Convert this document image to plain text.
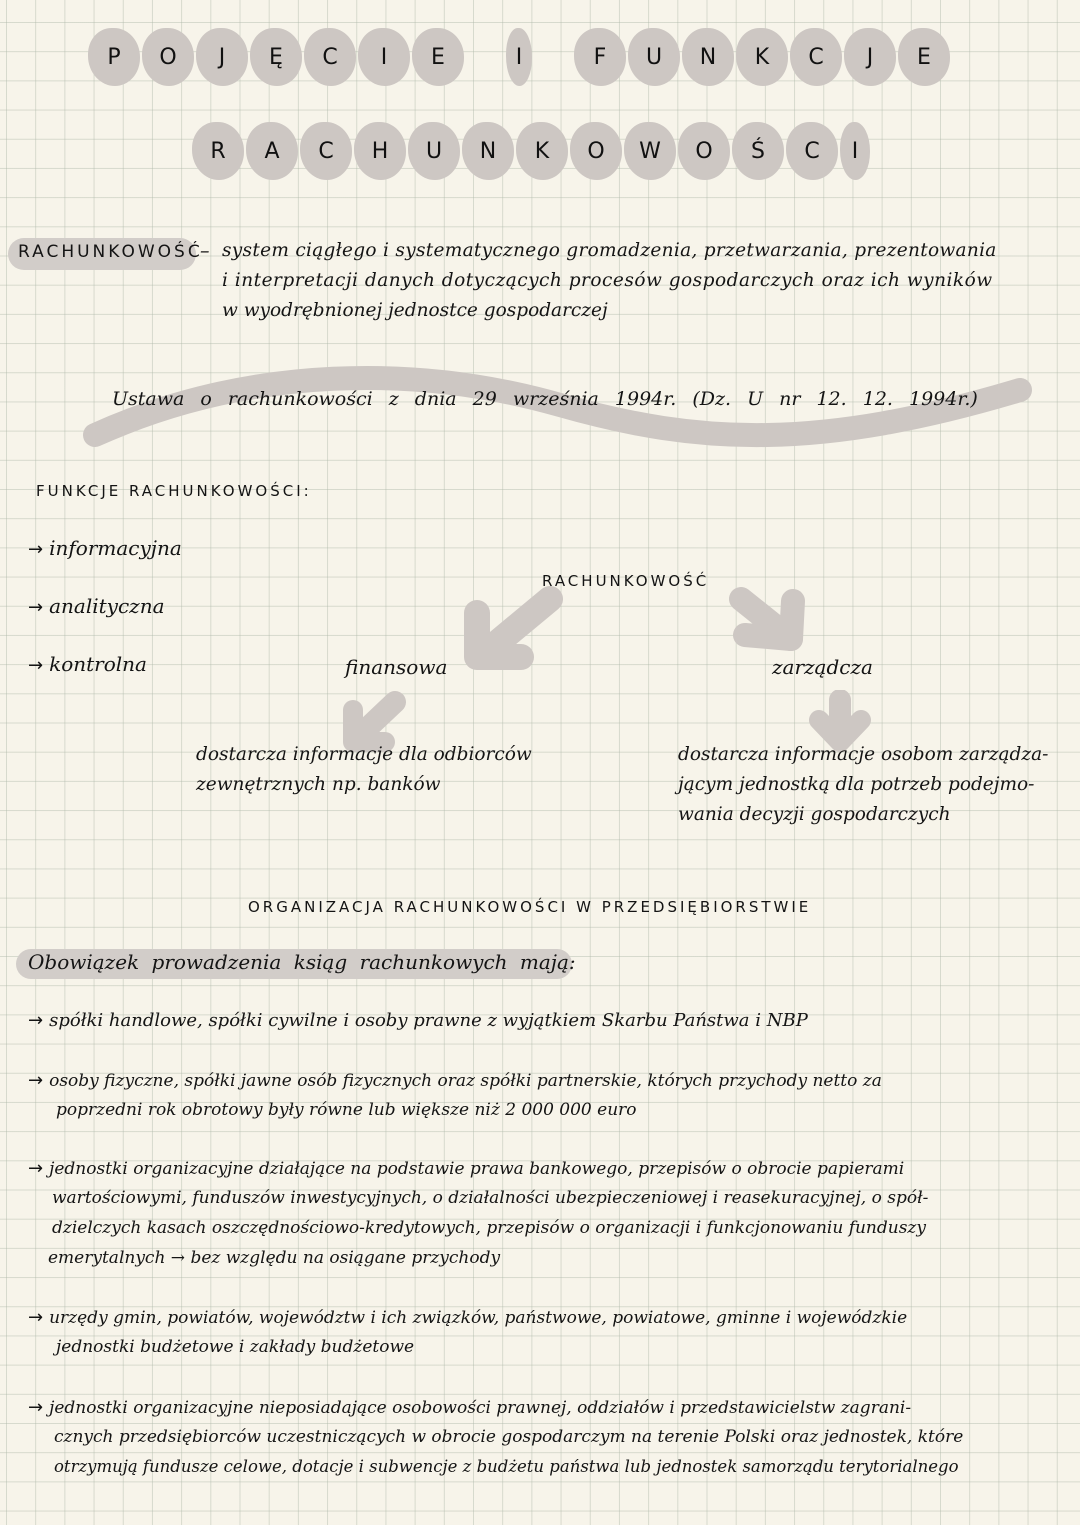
P	O	J	Ę	C	I	E	I	F	U	N	K	C	J	E
R	A	C	H	U	N	K	O	W	O	Ś	C	I
RACHUNKOWOŚĆ
– system ciągłego i systematycznego gromadzenia, przetwarzania, prezentowania
i interpretacji danych dotyczących procesów gospodarczych oraz ich wyników
w wyodrębnionej jednostce gospodarczej
Ustawa o rachunkowości z dnia 29 września 1994r. (Dz. U nr 12. 12. 1994r.)
FUNKCJE RACHUNKOWOŚCI:
→ informacyjna
→ analityczna
→ kontrolna
RACHUNKOWOŚĆ
finansowa	zarządcza
dostarcza informacje dla odbiorców
zewnętrznych np. banków
dostarcza informacje osobom zarządza-
jącym jednostką dla potrzeb podejmo-
wania decyzji gospodarczych
ORGANIZACJA RACHUNKOWOŚCI W PRZEDSIĘBIORSTWIE
Obowiązek prowadzenia ksiąg rachunkowych mają:
→ spółki handlowe, spółki cywilne i osoby prawne z wyjątkiem Skarbu Państwa i NBP
→ osoby fizyczne, spółki jawne osób fizycznych oraz spółki partnerskie, których przychody netto za
poprzedni rok obrotowy były równe lub większe niż 2 000 000 euro
→ jednostki organizacyjne działające na podstawie prawa bankowego, przepisów o obrocie papierami
wartościowymi, funduszów inwestycyjnych, o działalności ubezpieczeniowej i reasekuracyjnej, o spół-
dzielczych kasach oszczędnościowo-kredytowych, przepisów o organizacji i funkcjonowaniu funduszy
emerytalnych → bez względu na osiągane przychody
→ urzędy gmin, powiatów, województw i ich związków, państwowe, powiatowe, gminne i wojewódzkie
jednostki budżetowe i zakłady budżetowe
→ jednostki organizacyjne nieposiadające osobowości prawnej, oddziałów i przedstawicielstw zagrani-
cznych przedsiębiorców uczestniczących w obrocie gospodarczym na terenie Polski oraz jednostek, które
otrzymują fundusze celowe, dotacje i subwencje z budżetu państwa lub jednostek samorządu terytorialnego
